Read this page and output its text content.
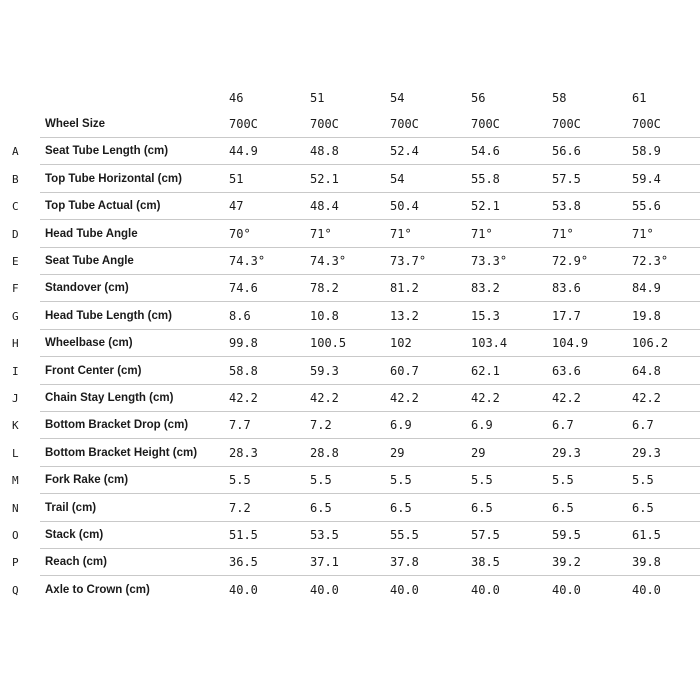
46	51	54	56	58	61
Wheel Size	700C	700C	700C	700C	700C	700C
A Seat Tube Length (cm)	44.9	48.8	52.4	54.6	56.6	58.9
B Top Tube Horizontal (cm)	51	52.1	54	55.8	57.5	59.4
C Top Tube Actual (cm)	47	48.4	50.4	52.1	53.8	55.6
D Head Tube Angle	70°	71°	71°	71°	71°	71°
E Seat Tube Angle	74.3°	74.3°	73.7°	73.3°	72.9°	72.3°
F Standover (cm)	74.6	78.2	81.2	83.2	83.6	84.9
G Head Tube Length (cm)	8.6	10.8	13.2	15.3	17.7	19.8
H Wheelbase (cm)	99.8	100.5	102	103.4	104.9	106.2
I Front Center (cm)	58.8	59.3	60.7	62.1	63.6	64.8
J Chain Stay Length (cm)	42.2	42.2	42.2	42.2	42.2	42.2
K Bottom Bracket Drop (cm)	7.7	7.2	6.9	6.9	6.7	6.7
L Bottom Bracket Height (cm)	28.3	28.8	29	29	29.3	29.3
M Fork Rake (cm)	5.5	5.5	5.5	5.5	5.5	5.5
N Trail (cm)	7.2	6.5	6.5	6.5	6.5	6.5
O Stack (cm)	51.5	53.5	55.5	57.5	59.5	61.5
P Reach (cm)	36.5	37.1	37.8	38.5	39.2	39.8
Q Axle to Crown (cm)	40.0	40.0	40.0	40.0	40.0	40.0
